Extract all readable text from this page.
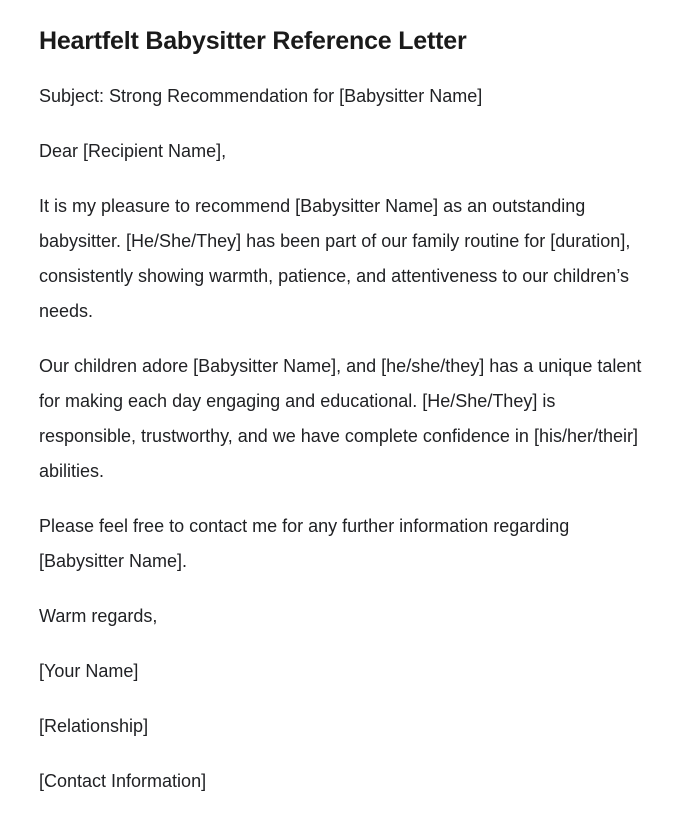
Heartfelt Babysitter Reference Letter

Subject: Strong Recommendation for [Babysitter Name]

Dear [Recipient Name],

It is my pleasure to recommend [Babysitter Name] as an outstanding babysitter. [He/She/They] has been part of our family routine for [duration], consistently showing warmth, patience, and attentiveness to our children’s needs.

Our children adore [Babysitter Name], and [he/she/they] has a unique talent for making each day engaging and educational. [He/She/They] is responsible, trustworthy, and we have complete confidence in [his/her/their] abilities.

Please feel free to contact me for any further information regarding [Babysitter Name].

Warm regards,

[Your Name]

[Relationship]

[Contact Information]
